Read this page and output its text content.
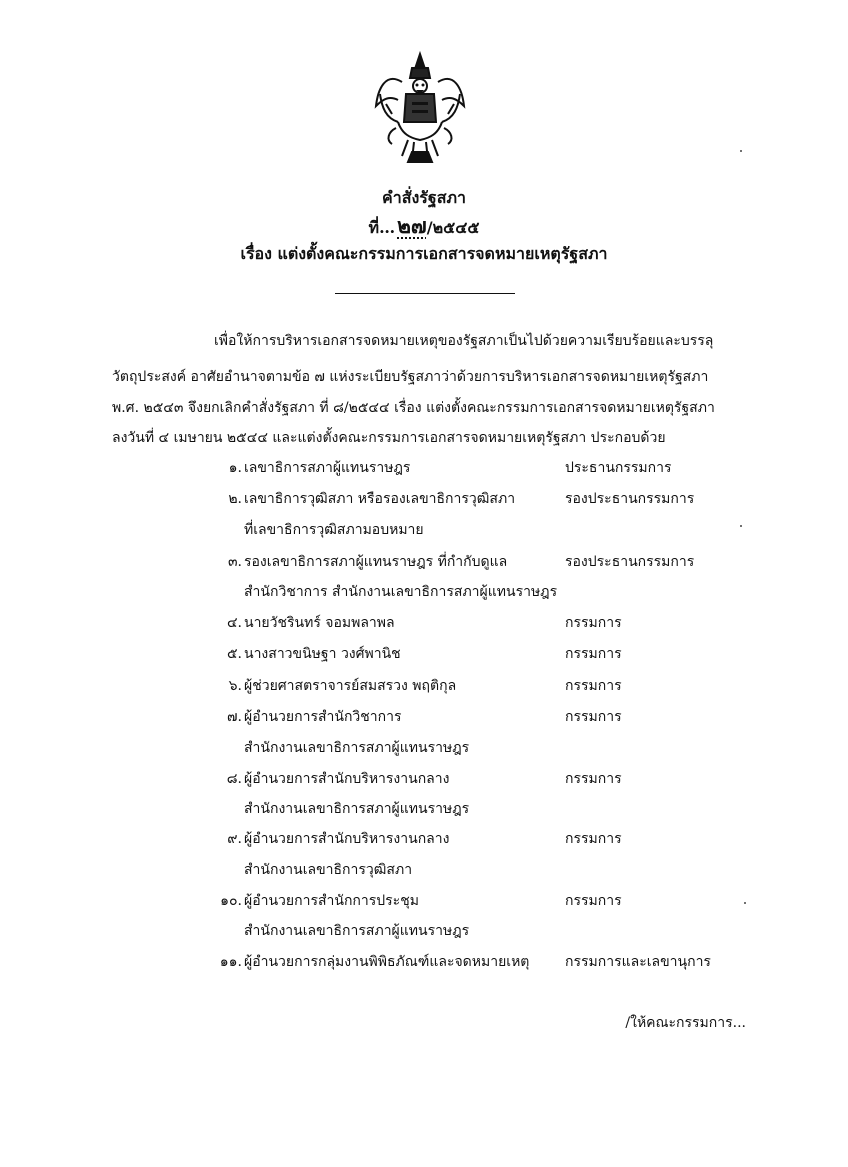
คำสั่งรัฐสภา
ที่…๒๗/๒๕๔๕
เรื่อง แต่งตั้งคณะกรรมการเอกสารจดหมายเหตุรัฐสภา
เพื่อให้การบริหารเอกสารจดหมายเหตุของรัฐสภาเป็นไปด้วยความเรียบร้อยและบรรลุ
วัตถุประสงค์ อาศัยอำนาจตามข้อ ๗ แห่งระเบียบรัฐสภาว่าด้วยการบริหารเอกสารจดหมายเหตุรัฐสภา
พ.ศ. ๒๕๔๓ จึงยกเลิกคำสั่งรัฐสภา ที่ ๘/๒๕๔๔ เรื่อง แต่งตั้งคณะกรรมการเอกสารจดหมายเหตุรัฐสภา
ลงวันที่ ๔ เมษายน ๒๕๔๔ และแต่งตั้งคณะกรรมการเอกสารจดหมายเหตุรัฐสภา ประกอบด้วย
๑. เลขาธิการสภาผู้แทนราษฎร	ประธานกรรมการ
๒. เลขาธิการวุฒิสภา หรือรองเลขาธิการวุฒิสภา	รองประธานกรรมการ
ที่เลขาธิการวุฒิสภามอบหมาย
๓. รองเลขาธิการสภาผู้แทนราษฎร ที่กำกับดูแล	รองประธานกรรมการ
สำนักวิชาการ สำนักงานเลขาธิการสภาผู้แทนราษฎร
๔. นายวัชรินทร์ จอมพลาพล	กรรมการ
๕. นางสาวขนิษฐา วงศ์พานิช	กรรมการ
๖. ผู้ช่วยศาสตราจารย์สมสรวง พฤติกุล	กรรมการ
๗. ผู้อำนวยการสำนักวิชาการ	กรรมการ
สำนักงานเลขาธิการสภาผู้แทนราษฎร
๘. ผู้อำนวยการสำนักบริหารงานกลาง	กรรมการ
สำนักงานเลขาธิการสภาผู้แทนราษฎร
๙. ผู้อำนวยการสำนักบริหารงานกลาง	กรรมการ
สำนักงานเลขาธิการวุฒิสภา
๑๐. ผู้อำนวยการสำนักการประชุม	กรรมการ
สำนักงานเลขาธิการสภาผู้แทนราษฎร
๑๑. ผู้อำนวยการกลุ่มงานพิพิธภัณฑ์และจดหมายเหตุ	กรรมการและเลขานุการ
/ให้คณะกรรมการ...
